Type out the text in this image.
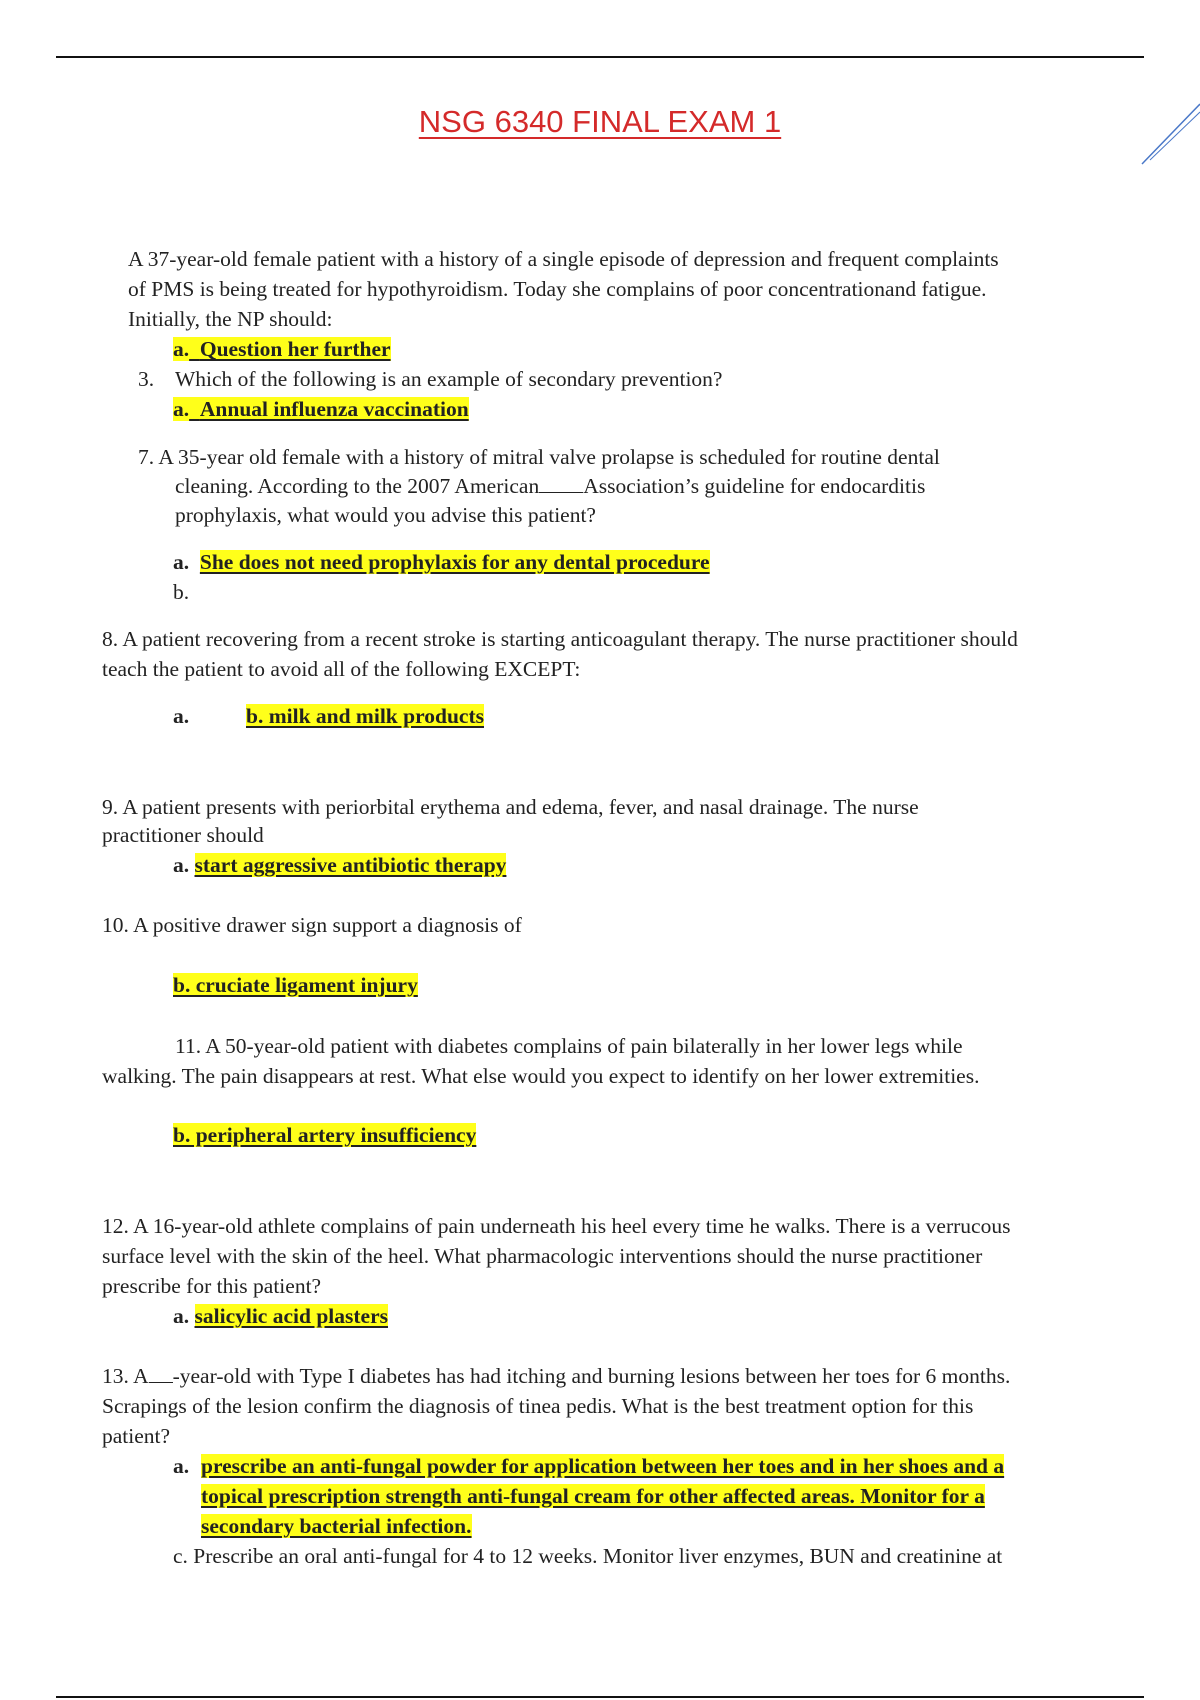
NSG 6340 FINAL EXAM 1
A 37-year-old female patient with a history of a single episode of depression and frequent complaints
of PMS is being treated for hypothyroidism. Today she complains of poor concentrationand fatigue.
Initially, the NP should:
a. Question her further
3. Which of the following is an example of secondary prevention?
a. Annual influenza vaccination
7. A 35-year old female with a history of mitral valve prolapse is scheduled for routine dental
cleaning. According to the 2007 American Association’s guideline for endocarditis
prophylaxis, what would you advise this patient?
a. She does not need prophylaxis for any dental procedure
b.
8. A patient recovering from a recent stroke is starting anticoagulant therapy. The nurse practitioner should
teach the patient to avoid all of the following EXCEPT:
a.	b. milk and milk products
9. A patient presents with periorbital erythema and edema, fever, and nasal drainage. The nurse
practitioner should
a. start aggressive antibiotic therapy
10. A positive drawer sign support a diagnosis of
b. cruciate ligament injury
11. A 50-year-old patient with diabetes complains of pain bilaterally in her lower legs while
walking. The pain disappears at rest. What else would you expect to identify on her lower extremities.
b. peripheral artery insufficiency
12. A 16-year-old athlete complains of pain underneath his heel every time he walks. There is a verrucous
surface level with the skin of the heel. What pharmacologic interventions should the nurse practitioner
prescribe for this patient?
a. salicylic acid plasters
13. A -year-old with Type I diabetes has had itching and burning lesions between her toes for 6 months.
Scrapings of the lesion confirm the diagnosis of tinea pedis. What is the best treatment option for this
patient?
a. prescribe an anti-fungal powder for application between her toes and in her shoes and a
topical prescription strength anti-fungal cream for other affected areas. Monitor for a
secondary bacterial infection.
c. Prescribe an oral anti-fungal for 4 to 12 weeks. Monitor liver enzymes, BUN and creatinine at
